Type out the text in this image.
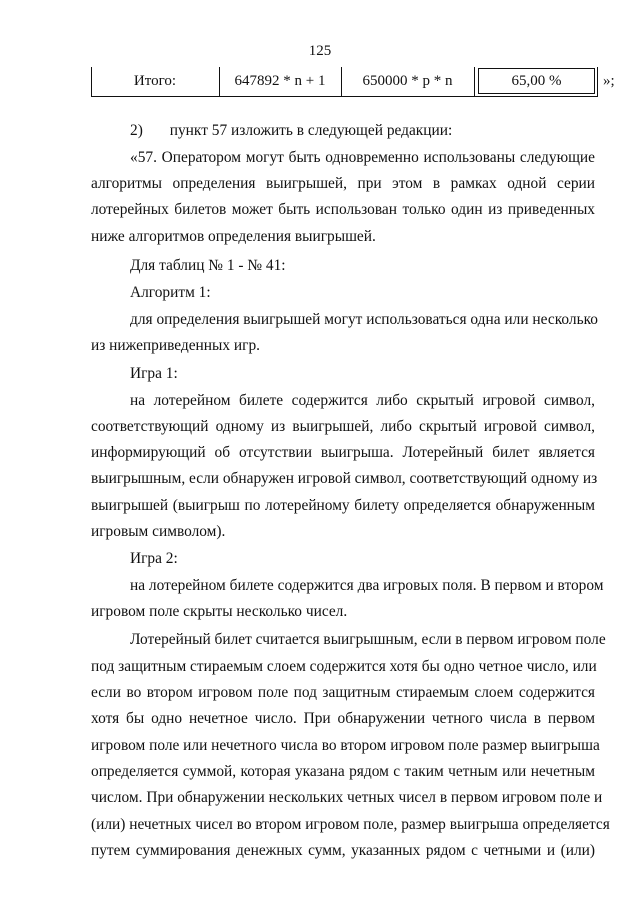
125
Итого:	647892 * n + 1	650000 * p * n	65,00 %	»;
2)       пункт 57 изложить в следующей редакции:
«57. Оператором могут быть одновременно использованы следующие
алгоритмы определения выигрышей, при этом в рамках одной серии
лотерейных билетов может быть использован только один из приведенных
ниже алгоритмов определения выигрышей.
Для таблиц № 1 - № 41:
Алгоритм 1:
для определения выигрышей могут использоваться одна или несколько
из нижеприведенных игр.
Игра 1:
на лотерейном билете содержится либо скрытый игровой символ,
соответствующий одному из выигрышей, либо скрытый игровой символ,
информирующий об отсутствии выигрыша. Лотерейный билет является
выигрышным, если обнаружен игровой символ, соответствующий одному из
выигрышей (выигрыш по лотерейному билету определяется обнаруженным
игровым символом).
Игра 2:
на лотерейном билете содержится два игровых поля. В первом и втором
игровом поле скрыты несколько чисел.
Лотерейный билет считается выигрышным, если в первом игровом поле
под защитным стираемым слоем содержится хотя бы одно четное число, или
если во втором игровом поле под защитным стираемым слоем содержится
хотя бы одно нечетное число. При обнаружении четного числа в первом
игровом поле или нечетного числа во втором игровом поле размер выигрыша
определяется суммой, которая указана рядом с таким четным или нечетным
числом. При обнаружении нескольких четных чисел в первом игровом поле и
(или) нечетных чисел во втором игровом поле, размер выигрыша определяется
путем суммирования денежных сумм, указанных рядом с четными и (или)
